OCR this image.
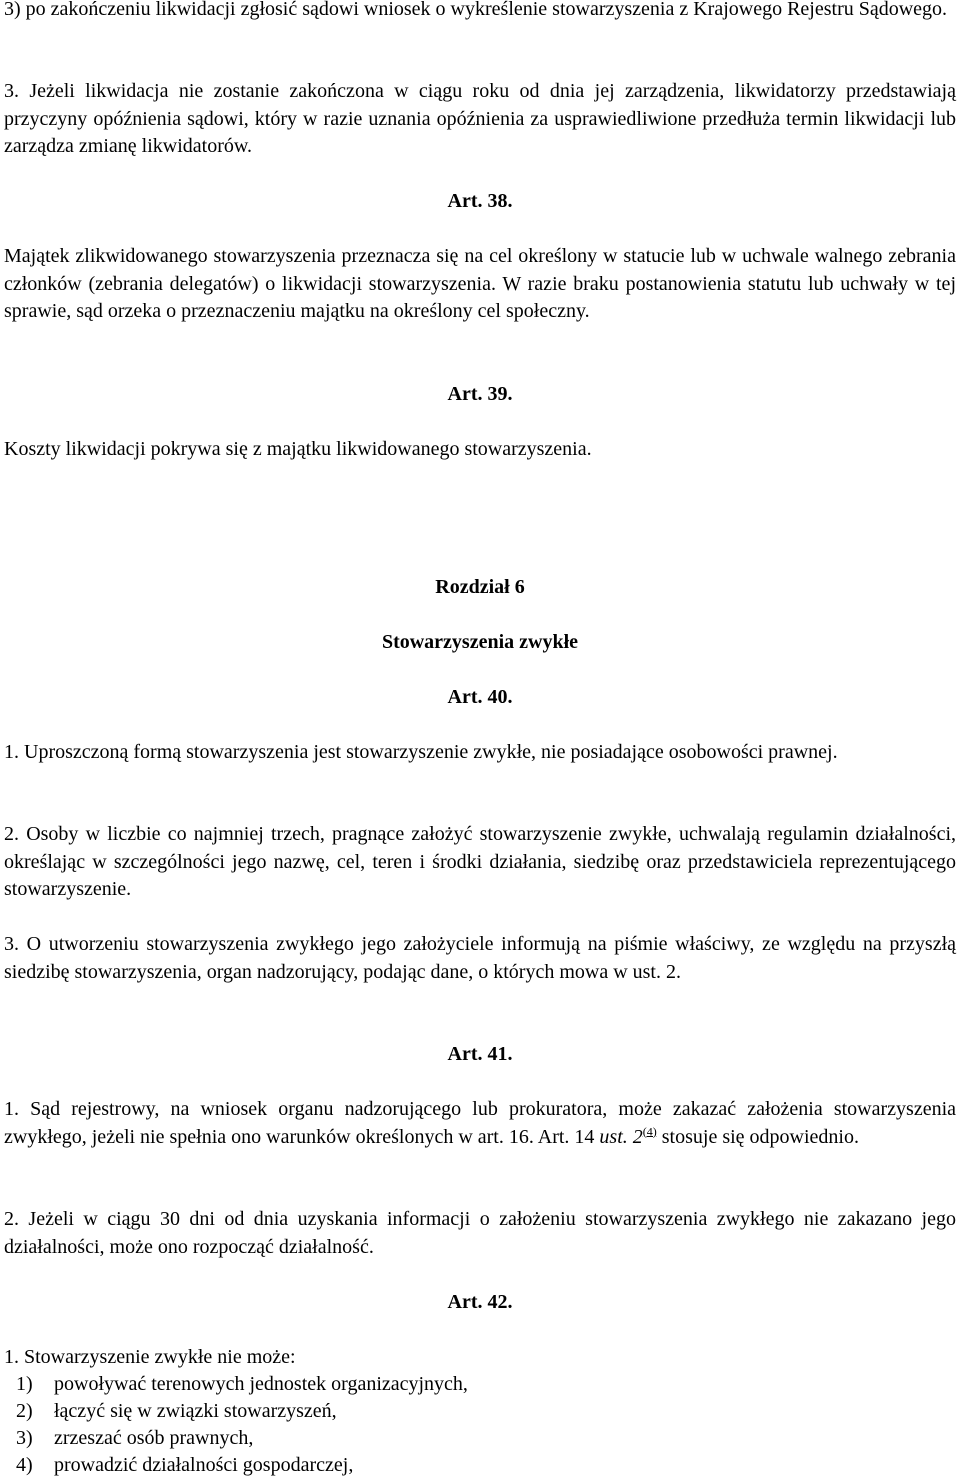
3) po zakończeniu likwidacji zgłosić sądowi wniosek o wykreślenie stowarzyszenia z Krajowego Rejestru Sądowego.

3. Jeżeli likwidacja nie zostanie zakończona w ciągu roku od dnia jej zarządzenia, likwidatorzy przedstawiają przyczyny opóźnienia sądowi, który w razie uznania opóźnienia za usprawiedliwione przedłuża termin likwidacji lub zarządza zmianę likwidatorów.

Art. 38.

Majątek zlikwidowanego stowarzyszenia przeznacza się na cel określony w statucie lub w uchwale walnego zebrania członków (zebrania delegatów) o likwidacji stowarzyszenia. W razie braku postanowienia statutu lub uchwały w tej sprawie, sąd orzeka o przeznaczeniu majątku na określony cel społeczny.

Art. 39.

Koszty likwidacji pokrywa się z majątku likwidowanego stowarzyszenia.

Rozdział 6

Stowarzyszenia zwykłe

Art. 40.

1. Uproszczoną formą stowarzyszenia jest stowarzyszenie zwykłe, nie posiadające osobowości prawnej.

2. Osoby w liczbie co najmniej trzech, pragnące założyć stowarzyszenie zwykłe, uchwalają regulamin działalności, określając w szczególności jego nazwę, cel, teren i środki działania, siedzibę oraz przedstawiciela reprezentującego stowarzyszenie.

3. O utworzeniu stowarzyszenia zwykłego jego założyciele informują na piśmie właściwy, ze względu na przyszłą siedzibę stowarzyszenia, organ nadzorujący, podając dane, o których mowa w ust. 2.

Art. 41.

1. Sąd rejestrowy, na wniosek organu nadzorującego lub prokuratora, może zakazać założenia stowarzyszenia zwykłego, jeżeli nie spełnia ono warunków określonych w art. 16. Art. 14 ust. 2$^{(4)}$ stosuje się odpowiednio.

2. Jeżeli w ciągu 30 dni od dnia uzyskania informacji o założeniu stowarzyszenia zwykłego nie zakazano jego działalności, może ono rozpocząć działalność.

Art. 42.

1. Stowarzyszenie zwykłe nie może:

1) powoływać terenowych jednostek organizacyjnych,

2) łączyć się w związki stowarzyszeń,

3) zrzeszać osób prawnych,

4) prowadzić działalności gospodarczej,
